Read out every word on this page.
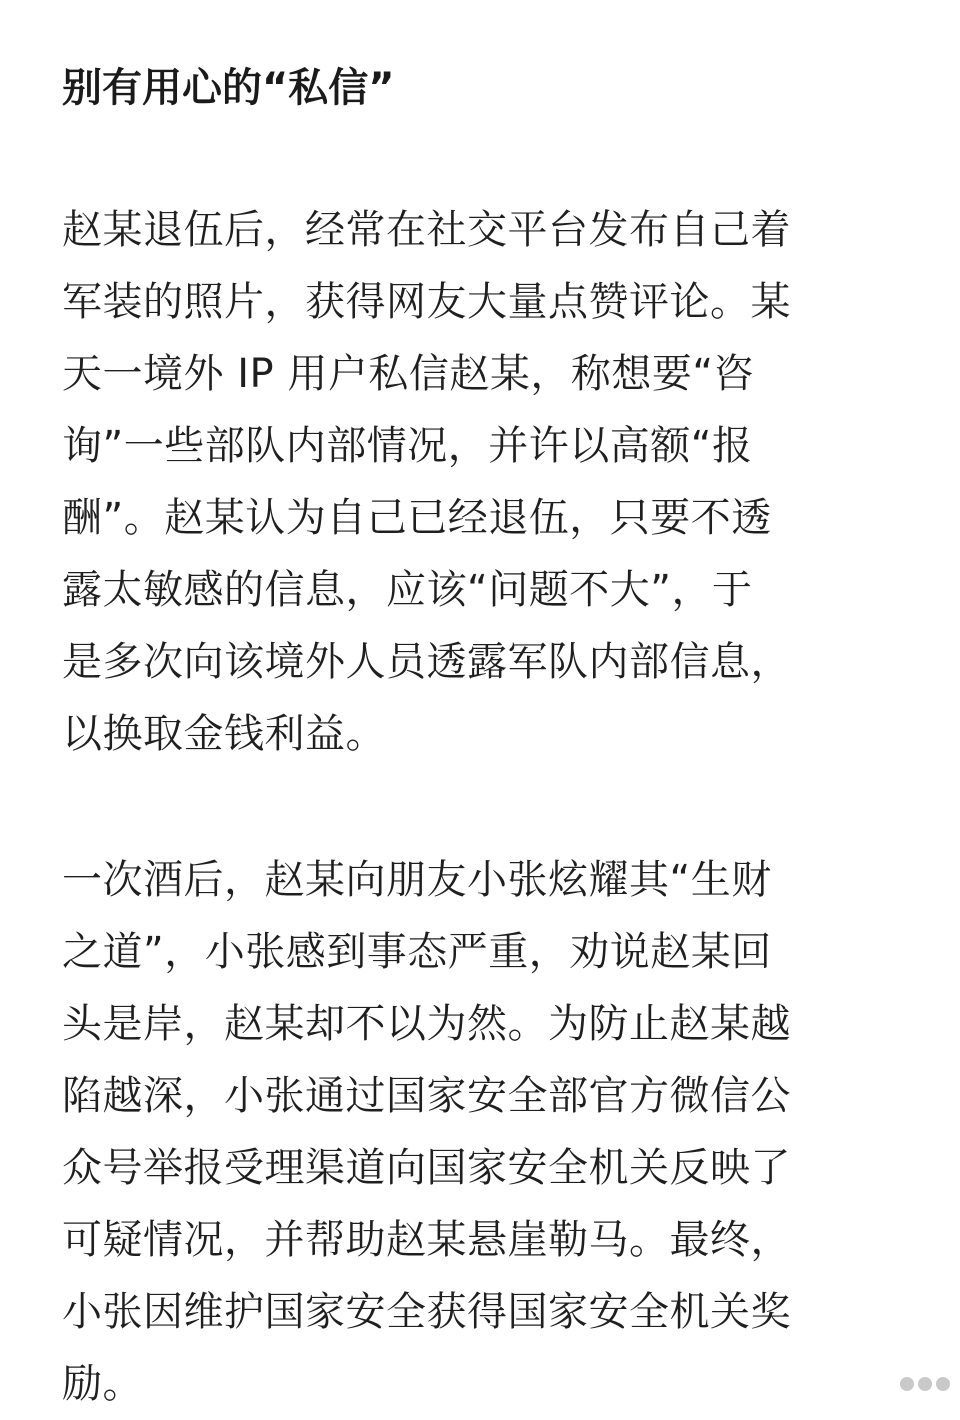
别有用心的“私信”
赵某退伍后，经常在社交平台发布自己着
军装的照片，获得网友大量点赞评论。某
天一境外 IP 用户私信赵某，称想要“咨
询”一些部队内部情况，并许以高额“报
酬”。赵某认为自己已经退伍，只要不透
露太敏感的信息，应该“问题不大”，于
是多次向该境外人员透露军队内部信息，
以换取金钱利益。
一次酒后，赵某向朋友小张炫耀其“生财
之道”，小张感到事态严重，劝说赵某回
头是岸，赵某却不以为然。为防止赵某越
陷越深，小张通过国家安全部官方微信公
众号举报受理渠道向国家安全机关反映了
可疑情况，并帮助赵某悬崖勒马。最终，
小张因维护国家安全获得国家安全机关奖
励。
